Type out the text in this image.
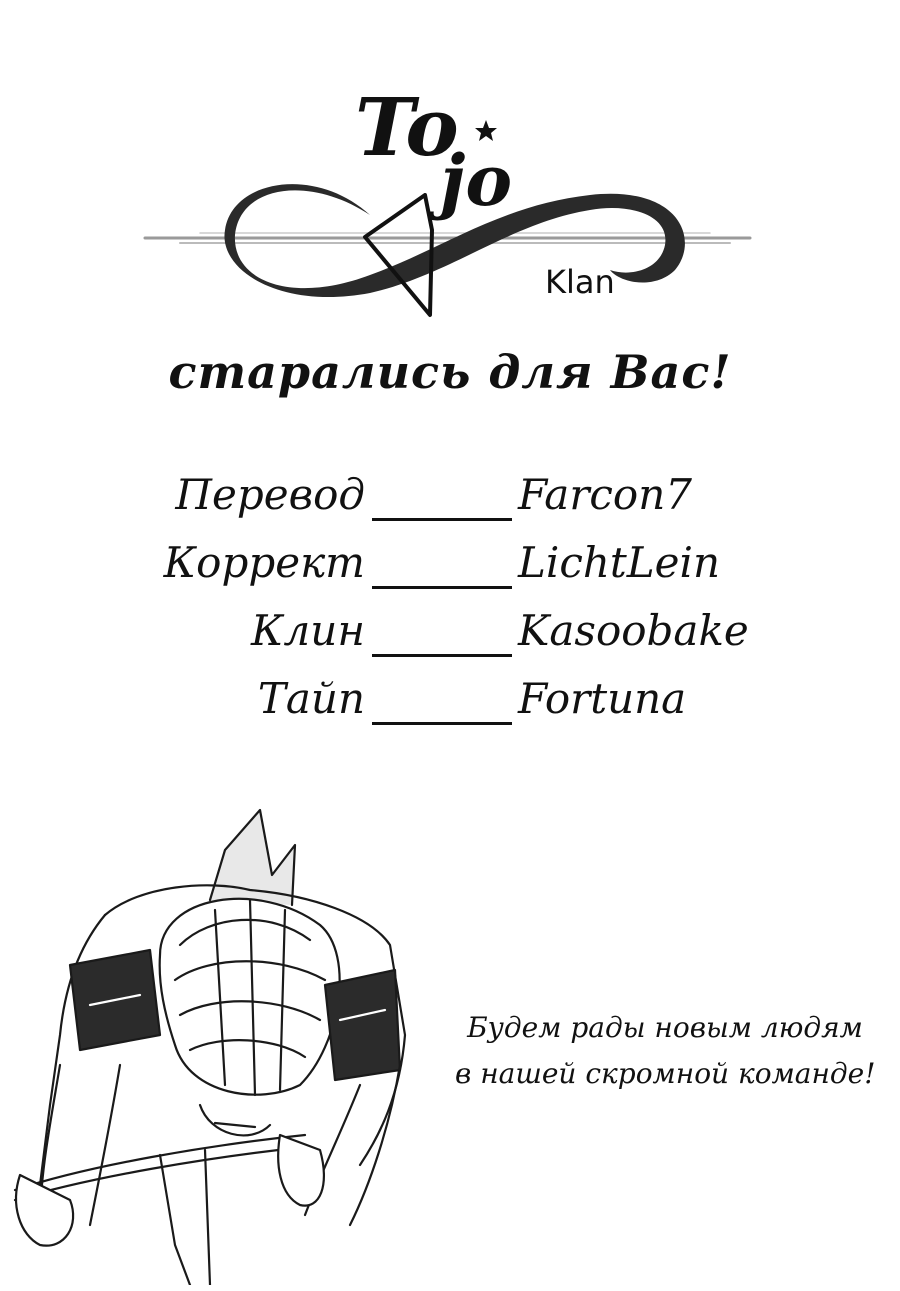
To
jo
Klan
старались для Вас!
Перевод	Farcon7
Коррект	LichtLein
Клин	Kasoobake
Тайп	Fortuna
Будем рады новым людям
в нашей скромной команде!
